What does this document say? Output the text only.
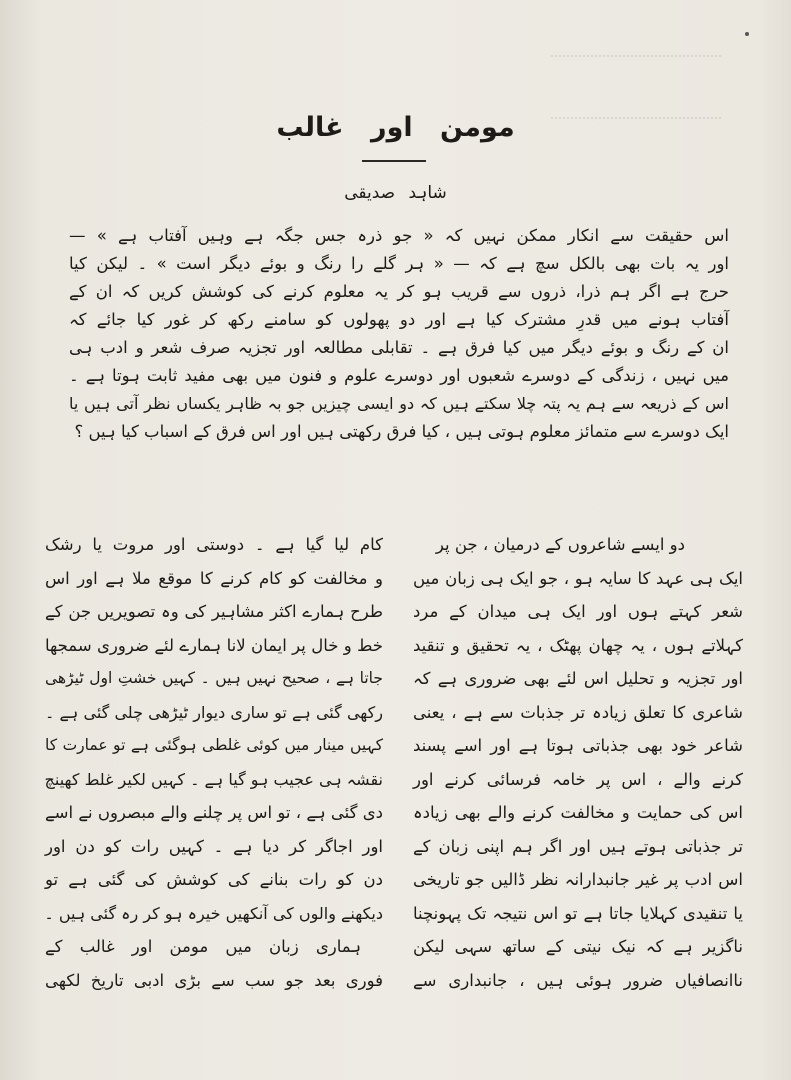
مومن اور غالب
شاہد صدیقی

اس حقیقت سے انکار ممکن نہیں کہ « جو ذرہ جس جگہ ہے وہیں آفتاب ہے » —

اور یہ بات بھی بالکل سچ ہے کہ — « ہر گلے را رنگ و بوئے دیگر است » ۔ لیکن کیا

حرج ہے اگر ہم ذرا، ذروں سے قریب ہو کر یہ معلوم کرنے کی کوشش کریں کہ ان کے

آفتاب ہونے میں قدرِ مشترک کیا ہے اور دو پھولوں کو سامنے رکھ کر غور کیا جائے کہ

ان کے رنگ و بوئے دیگر میں کیا فرق ہے ۔ تقابلی مطالعہ اور تجزیہ صرف شعر و ادب ہی

میں نہیں ، زندگی کے دوسرے شعبوں اور دوسرے علوم و فنون میں بھی مفید ثابت ہوتا ہے ۔

اس کے ذریعہ سے ہم یہ پتہ چلا سکتے ہیں کہ دو ایسی چیزیں جو بہ ظاہر یکساں نظر آتی ہیں یا

ایک دوسرے سے متمائز معلوم ہوتی ہیں ، کیا فرق رکھتی ہیں اور اس فرق کے اسباب کیا ہیں ؟

دو ایسے شاعروں کے درمیان ، جن پر

ایک ہی عہد کا سایہ ہو ، جو ایک ہی زبان میں

شعر کہتے ہوں اور ایک ہی میدان کے مرد

کہلاتے ہوں ، یہ چھان پھٹک ، یہ تحقیق و تنقید

اور تجزیہ و تحلیل اس لئے بھی ضروری ہے کہ

شاعری کا تعلق زیادہ تر جذبات سے ہے ، یعنی

شاعر خود بھی جذباتی ہوتا ہے اور اسے پسند

کرنے والے ، اس پر خامہ فرسائی کرنے اور

اس کی حمایت و مخالفت کرنے والے بھی زیادہ

تر جذباتی ہوتے ہیں اور اگر ہم اپنی زبان کے

اس ادب پر غیر جانبدارانہ نظر ڈالیں جو تاریخی

یا تنقیدی کہلایا جاتا ہے تو اس نتیجہ تک پہونچنا

ناگزیر ہے کہ نیک نیتی کے ساتھ سہی لیکن

ناانصافیاں ضرور ہوئی ہیں ، جانبداری سے

کام لیا گیا ہے ۔ دوستی اور مروت یا رشک

و مخالفت کو کام کرنے کا موقع ملا ہے اور اس

طرح ہمارے اکثر مشاہیر کی وہ تصویریں جن کے

خط و خال پر ایمان لانا ہمارے لئے ضروری سمجھا

جاتا ہے ، صحیح نہیں ہیں ۔ کہیں خشتِ اول ٹیڑھی

رکھی گئی ہے تو ساری دیوار ٹیڑھی چلی گئی ہے ۔

کہیں مینار میں کوئی غلطی ہوگئی ہے تو عمارت کا

نقشہ ہی عجیب ہو گیا ہے ۔ کہیں لکیر غلط کھینچ

دی گئی ہے ، تو اس پر چلنے والے مبصروں نے اسے

اور اجاگر کر دیا ہے ۔ کہیں رات کو دن اور

دن کو رات بنانے کی کوشش کی گئی ہے تو

دیکھنے والوں کی آنکھیں خیرہ ہو کر رہ گئی ہیں ۔

ہماری زبان میں مومن اور غالب کے

فوری بعد جو سب سے بڑی ادبی تاریخ لکھی
